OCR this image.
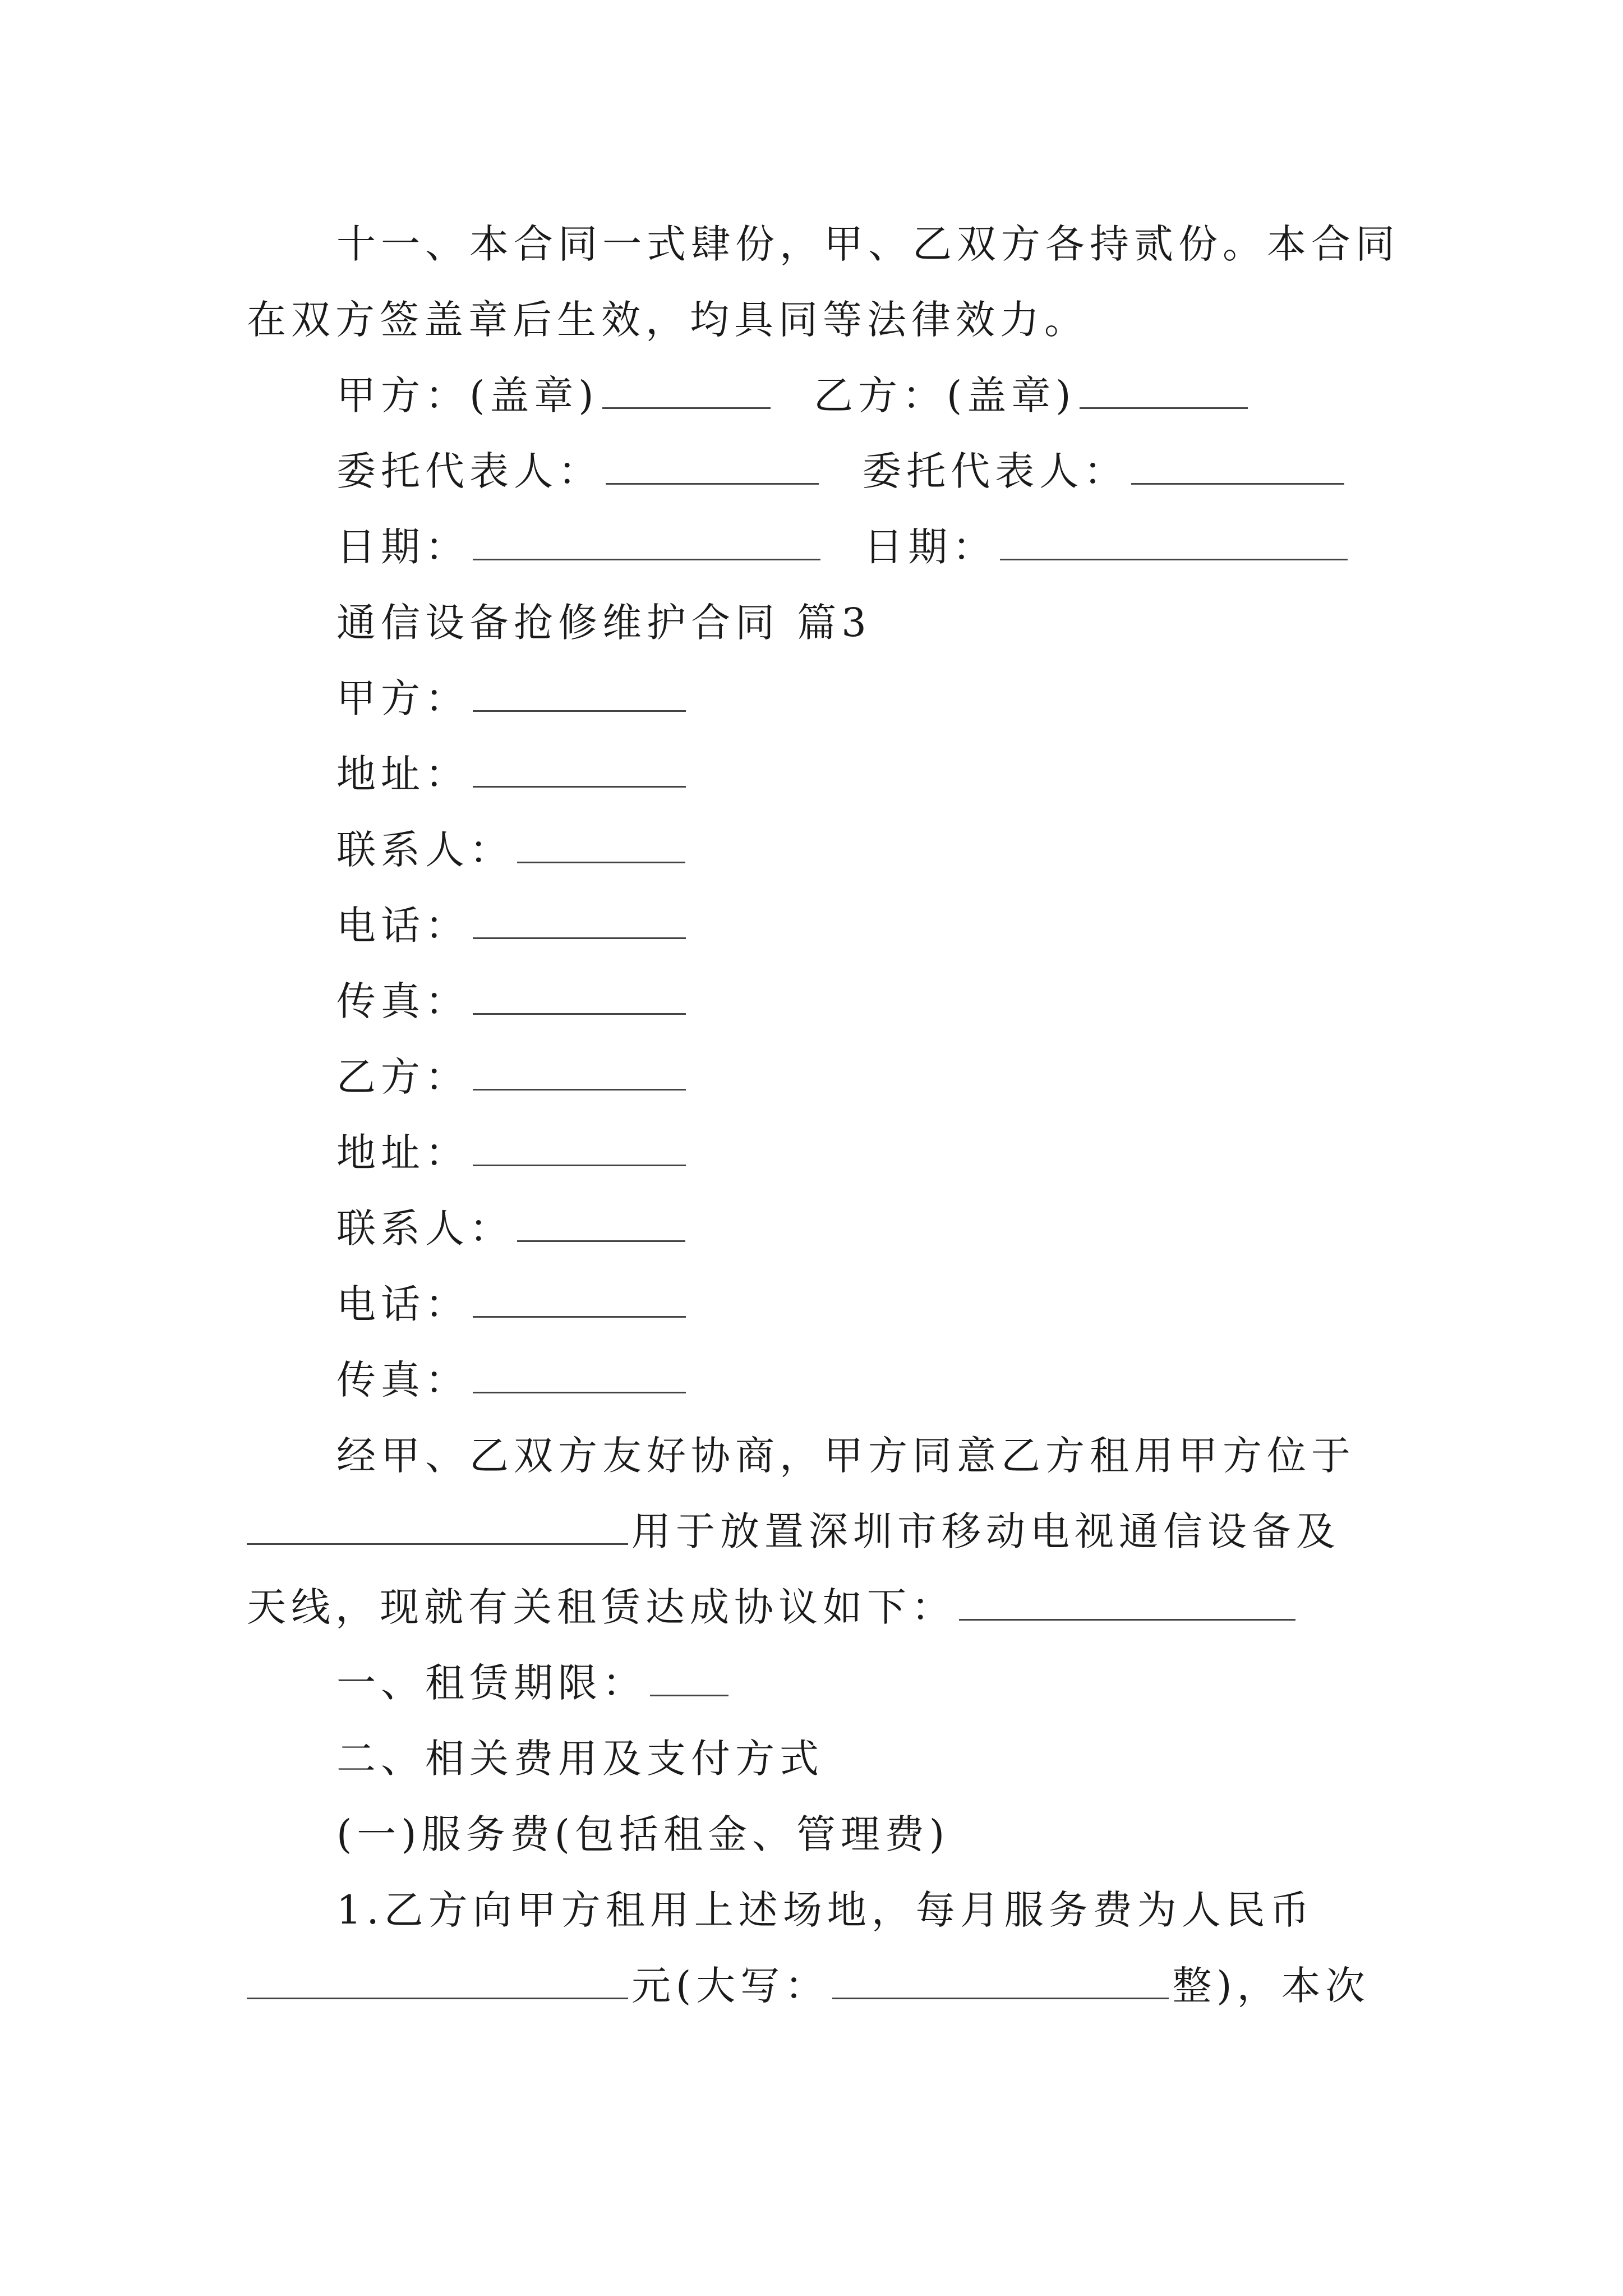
十一、本合同一式肆份，甲、乙双方各持贰份。本合同
在双方签盖章后生效，均具同等法律效力。
甲方：(盖章)	乙方：(盖章)
委托代表人：	委托代表人：
日期：	日期：
通信设备抢修维护合同 篇3
甲方：
地址：
联系人：
电话：
传真：
乙方：
地址：
联系人：
电话：
传真：
经甲、乙双方友好协商，甲方同意乙方租用甲方位于
用于放置深圳市移动电视通信设备及
天线，现就有关租赁达成协议如下：
一、租赁期限：
二、相关费用及支付方式
(一)服务费(包括租金、管理费)
1.乙方向甲方租用上述场地，每月服务费为人民币
元(大写：	整)，本次
